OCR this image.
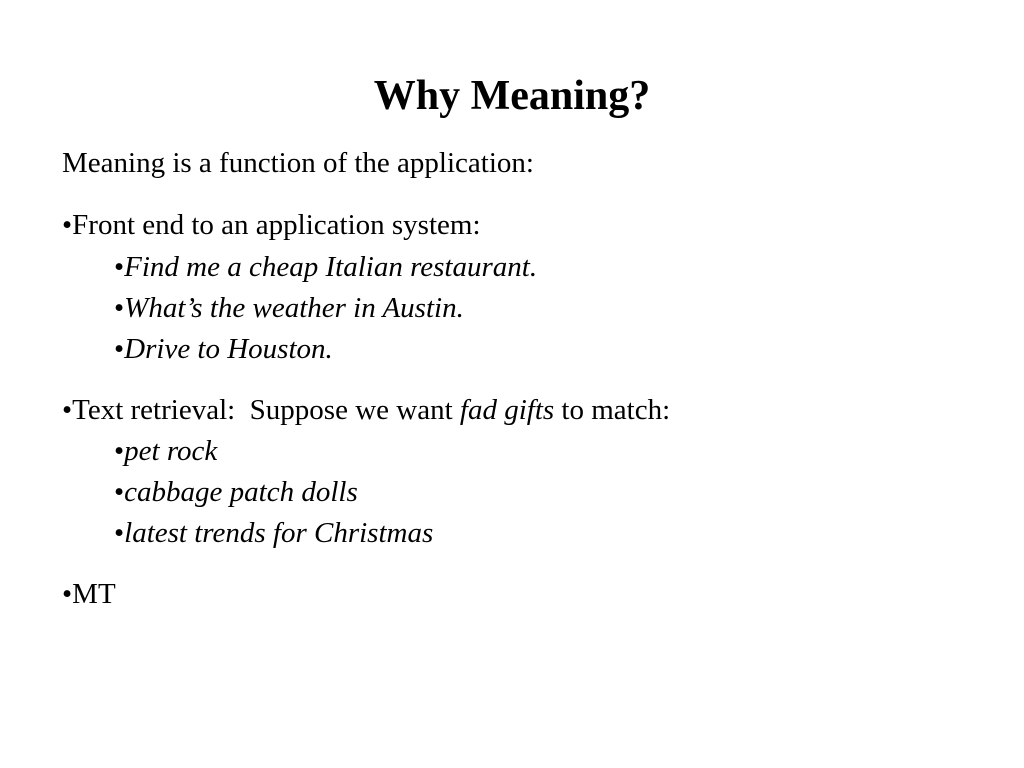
Why Meaning?
Meaning is a function of the application:
•Front end to an application system:
•Find me a cheap Italian restaurant.
•What’s the weather in Austin.
•Drive to Houston.
•Text retrieval:  Suppose we want fad gifts to match:
•pet rock
•cabbage patch dolls
•latest trends for Christmas
•MT
